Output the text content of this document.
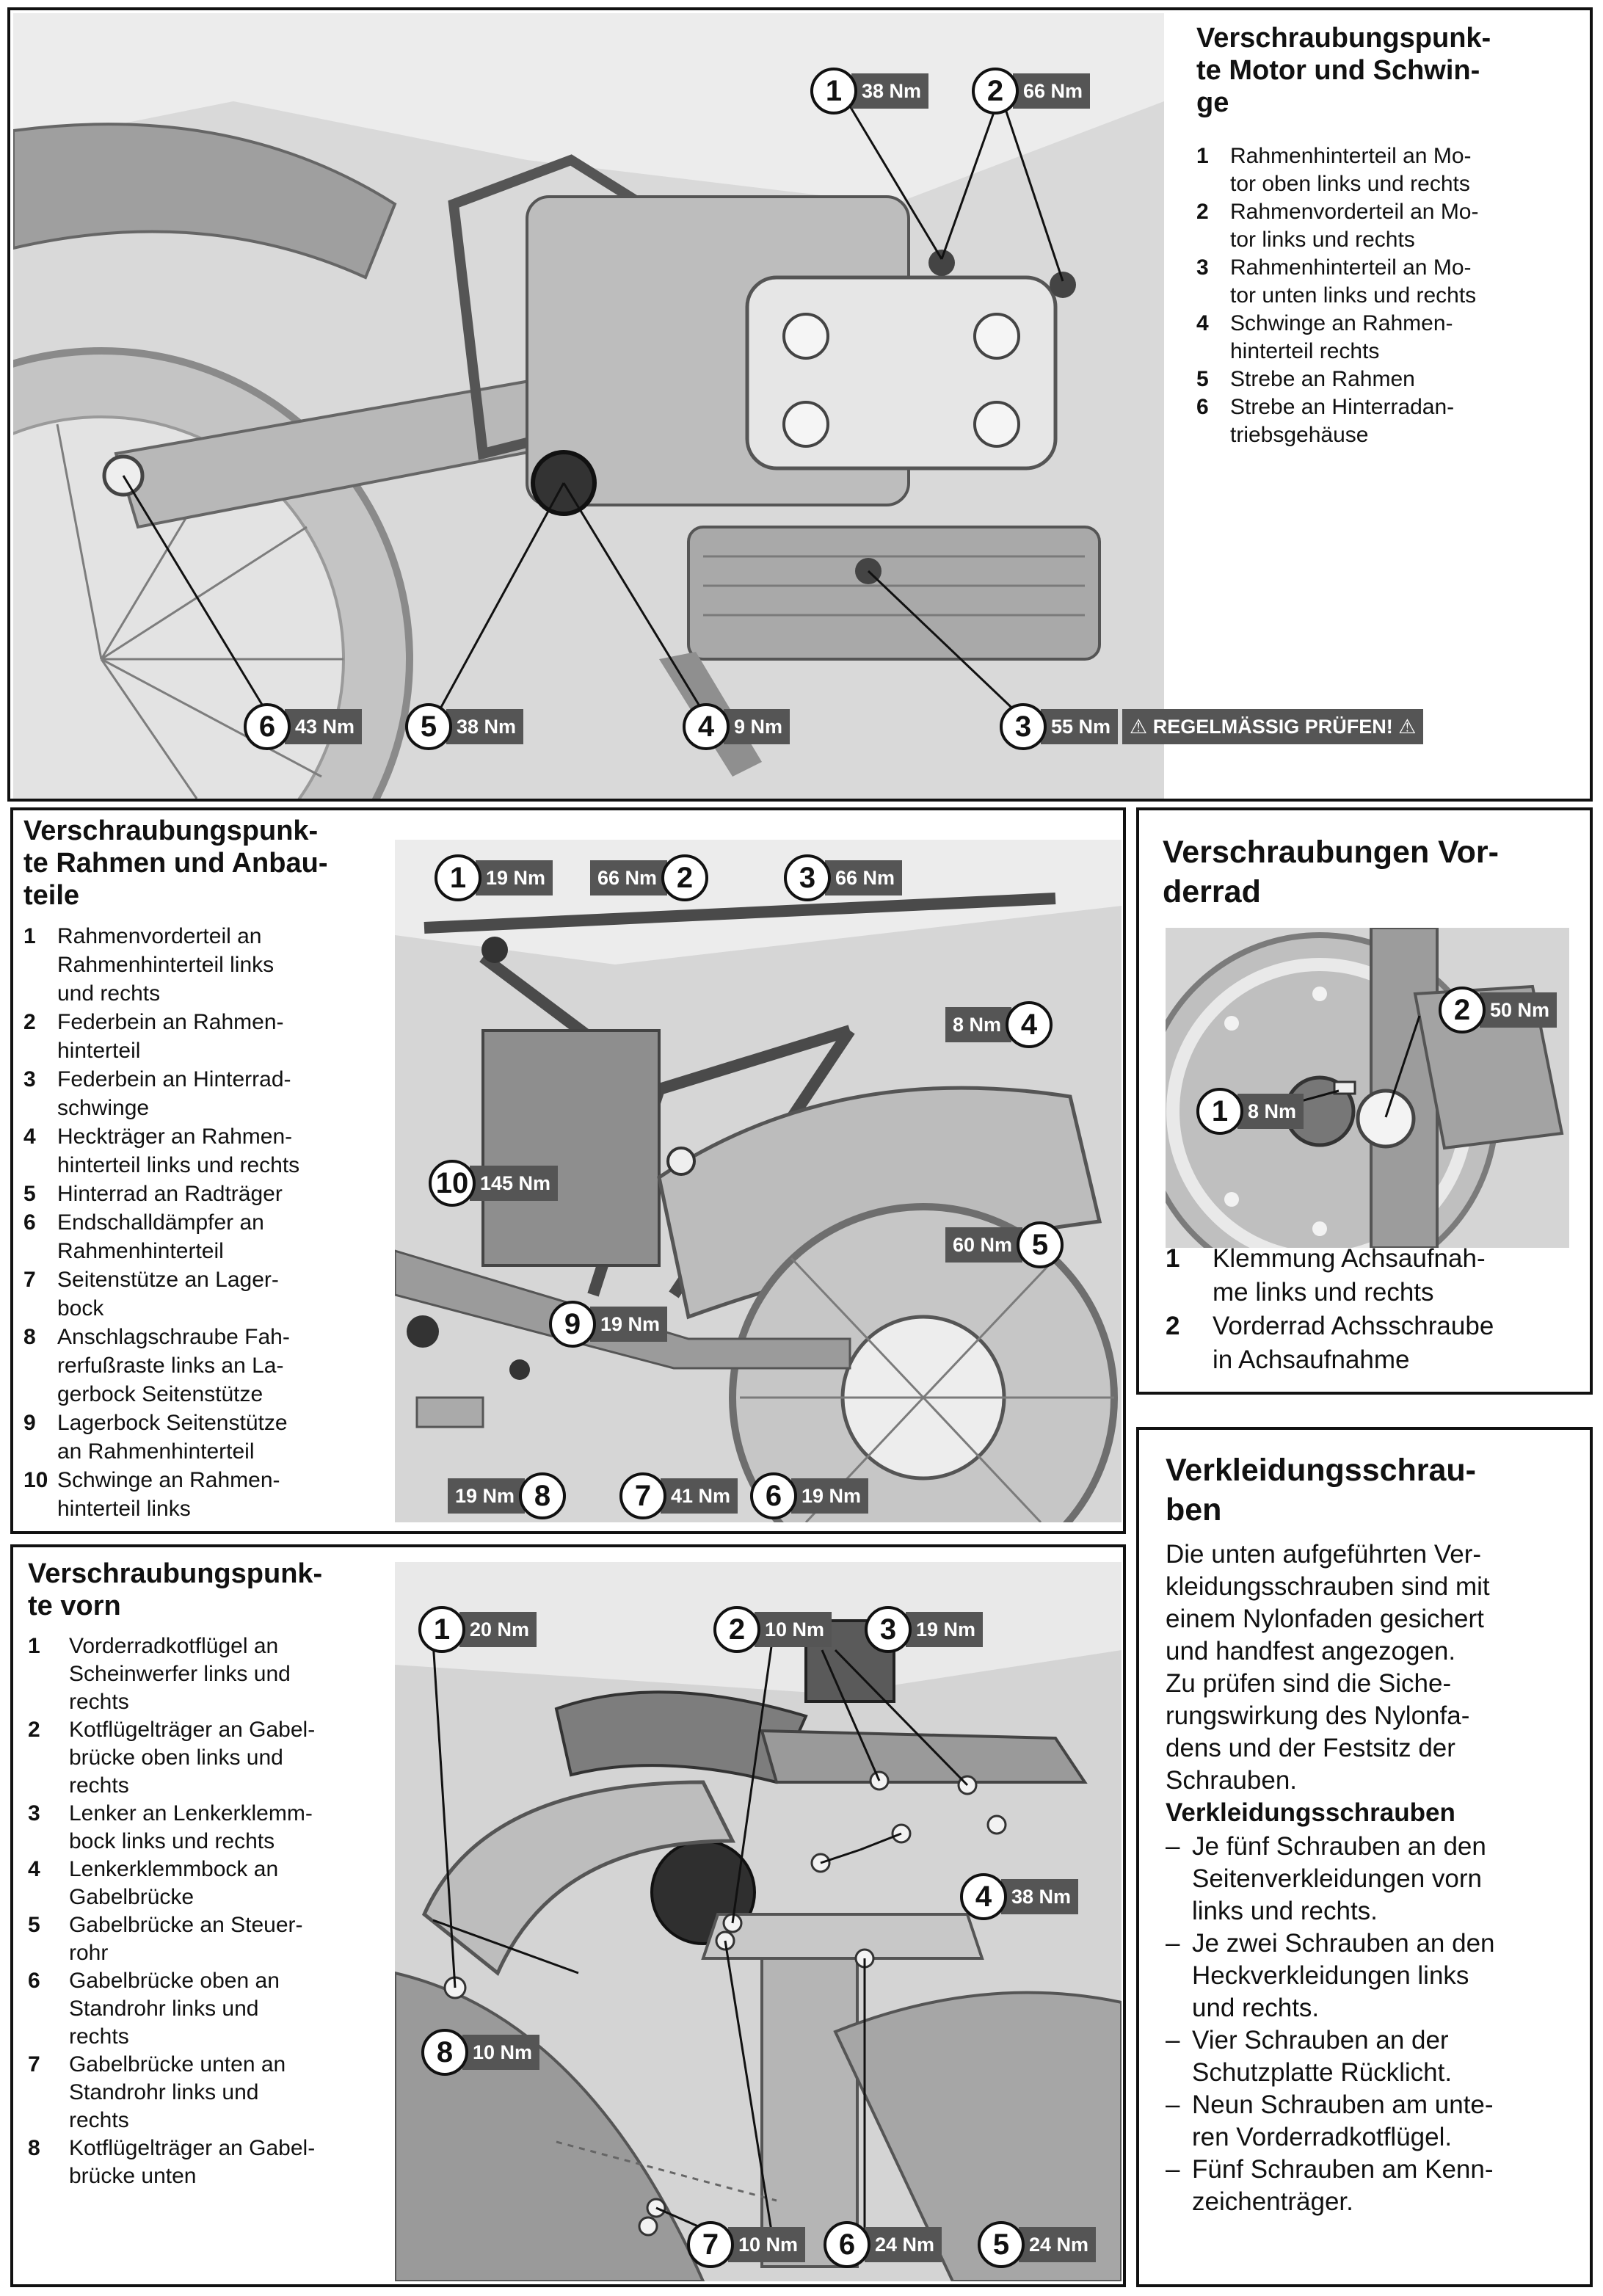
Verschraubungspunk-
te Motor und Schwin-
ge
1 Rahmenhinterteil an Mo-
tor oben links und rechts
2 Rahmenvorderteil an Mo-
tor links und rechts
3 Rahmenhinterteil an Mo-
tor unten links und rechts
4 Schwinge an Rahmen-
hinterteil rechts
5 Strebe an Rahmen
6 Strebe an Hinterradan-
triebsgehäuse
1 38 Nm	2 66 Nm
6 43 Nm	5 38 Nm	4 9 Nm	3 55 Nm ⚠ REGELMÄSSIG PRÜFEN! ⚠
Verschraubungspunk-
te Rahmen und Anbau-
teile
1 Rahmenvorderteil an
Rahmenhinterteil links
und rechts
2 Federbein an Rahmen-
hinterteil
3 Federbein an Hinterrad-
schwinge
4 Heckträger an Rahmen-
hinterteil links und rechts
5 Hinterrad an Radträger
6 Endschalldämpfer an
Rahmenhinterteil
7 Seitenstütze an Lager-
bock
8 Anschlagschraube Fah-
rerfußraste links an La-
gerbock Seitenstütze
9 Lagerbock Seitenstütze
an Rahmenhinterteil
10 Schwinge an Rahmen-
hinterteil links
1 19 Nm	66 Nm 2	3 66 Nm
8 Nm 4
10 145 Nm
60 Nm 5
9 19 Nm
19 Nm 8	7 41 Nm	6 19 Nm
Verschraubungen Vor-
derrad
2 50 Nm
1 8 Nm
1	Klemmung Achsaufnah-
me links und rechts
2	Vorderrad Achsschraube
in Achsaufnahme
Verschraubungspunk-
te vorn
1	Vorderradkotflügel an
Scheinwerfer links und
rechts
2	Kotflügelträger an Gabel-
brücke oben links und
rechts
3	Lenker an Lenkerklemm-
bock links und rechts
4	Lenkerklemmbock an
Gabelbrücke
5	Gabelbrücke an Steuer-
rohr
6	Gabelbrücke oben an
Standrohr links und
rechts
7	Gabelbrücke unten an
Standrohr links und
rechts
8	Kotflügelträger an Gabel-
brücke unten
1 20 Nm	2 10 Nm	3 19 Nm
4 38 Nm
8 10 Nm
7 10 Nm	6 24 Nm	5 24 Nm
Verkleidungsschrau-
ben
Die unten aufgeführten Ver-
kleidungsschrauben sind mit
einem Nylonfaden gesichert
und handfest angezogen.
Zu prüfen sind die Siche-
rungswirkung des Nylonfa-
dens und der Festsitz der
Schrauben.
Verkleidungsschrauben
– Je fünf Schrauben an den
Seitenverkleidungen vorn
links und rechts.
– Je zwei Schrauben an den
Heckverkleidungen links
und rechts.
– Vier Schrauben an der
Schutzplatte Rücklicht.
– Neun Schrauben am unte-
ren Vorderradkotflügel.
– Fünf Schrauben am Kenn-
zeichenträger.
